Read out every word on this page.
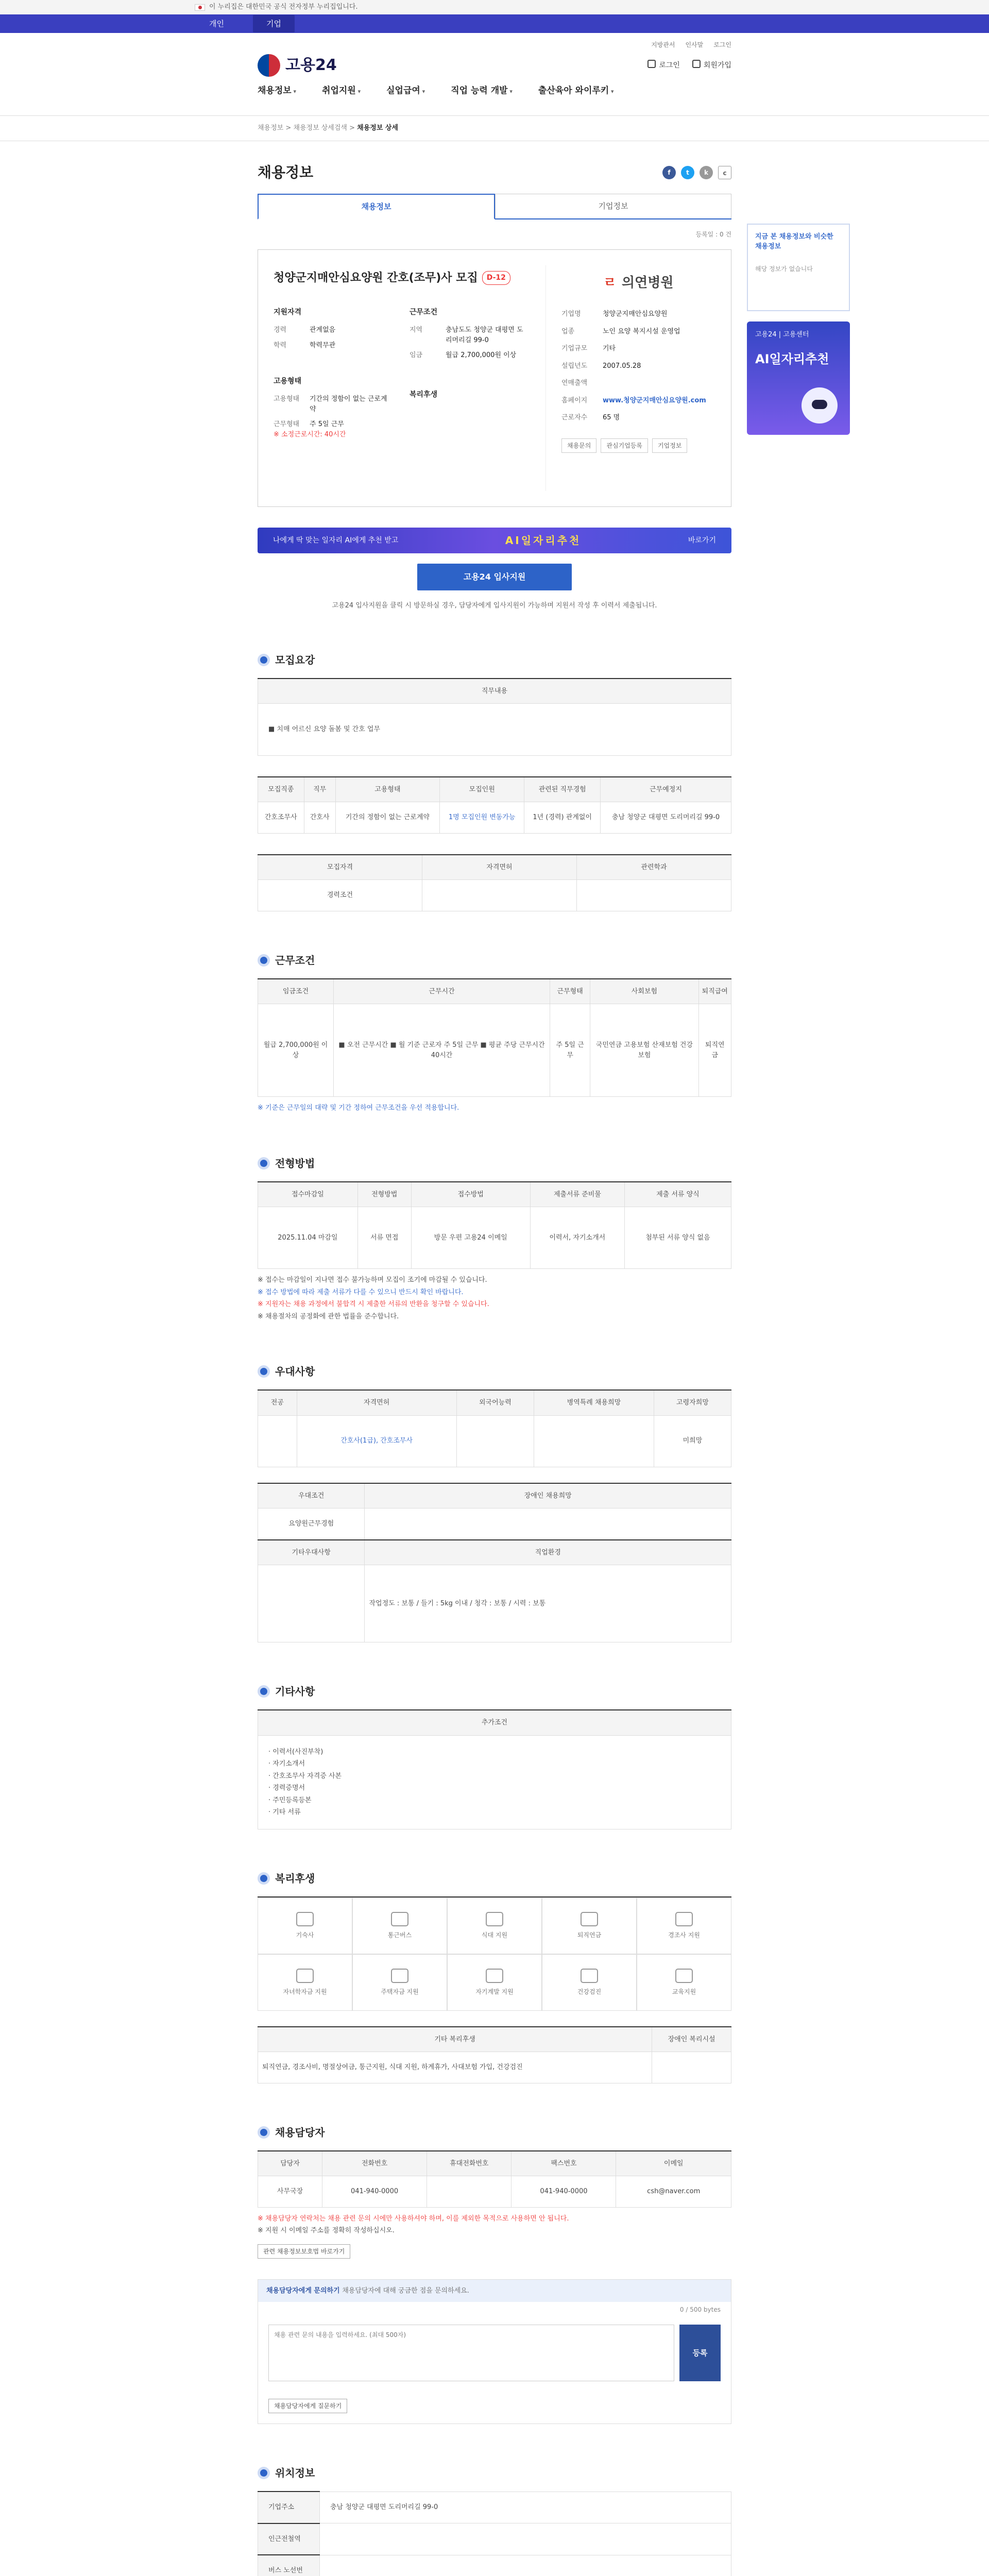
이 누리집은 대한민국 공식 전자정부 누리집입니다.
개인	기업
고용24
지방관서 인사말 로그인
로그인	회원가입
채용정보 ▾	취업지원 ▾	실업급여 ▾	직업 능력 개발 ▾	출산육아 와이루키 ▾
채용정보 > 채용정보 상세검색 > 채용정보 상세
채용정보	f	t	k	c
채용정보	기업정보
등록일 : 0 건
청양군지매안심요양원 간호(조무)사 모집 D-12
지원자격
경력	관계없음
학력	학력무관
고용형태
고용형태	기간의 정함이 없는 근로계약
근무형태	주 5일 근무
※ 소정근로시간: 40시간
근무조건
지역	충남도도 청양군 대평면 도리머리길 99-0
임금	월급 2,700,000원 이상
복리후생
ㄹ 의연병원
기업명	청양군지매안심요양원
업종	노인 요양 복지시설 운영업
기업규모	기타
설립년도	2007.05.28
연매출액
홈페이지	www.청양군지매안심요양원.com
근로자수	65 명
채용문의	관심기업등록	기업정보
나에게 딱 맞는 일자리 AI에게 추천 받고	AI일자리추천	바로가기
고용24 입사지원
고용24 입사지원을 클릭 시 방문하실 경우, 담당자에게 입사지원이 가능하며 지원서 작성 후 이력서 제출됩니다.
모집요강
직무내용
■ 치매 어르신 요양 돌봄 및 간호 업무
모집직종	직무	고용형태	모집인원	관련된 직무경험	근무예정지
간호조무사	간호사	기간의 정함이 없는 근로계약	1명 모집인원 변동가능	1년 (경력) 관계없이	충남 청양군 대평면 도리머리길 99-0
모집자격	자격면허	관련학과
경력조건		
근무조건
임금조건	근무시간	근무형태	사회보험	퇴직급여
월급 2,700,000원 이상	■ 오전 근무시간 ■ 월 기준 근로자 주 5일 근무 ■ 평균 주당 근무시간 40시간	주 5일 근무	국민연금 고용보험 산재보험 건강보험	퇴직연금
※ 기준은 근무일의 대략 및 기간 정하여 근무조건을 우선 적용합니다.
전형방법
접수마감일	전형방법	접수방법	제출서류 준비물	제출 서류 양식
2025.11.04 마감일	서류 면접	방문 우편 고용24 이메일	이력서, 자기소개서	첨부된 서류 양식 없음
※ 접수는 마감일이 지나면 접수 불가능하며 모집이 조기에 마감될 수 있습니다.
※ 접수 방법에 따라 제출 서류가 다를 수 있으니 반드시 확인 바랍니다.
※ 지원자는 채용 과정에서 불합격 시 제출한 서류의 반환을 청구할 수 있습니다.
※ 채용절차의 공정화에 관한 법률을 준수합니다.
우대사항
전공	자격면허	외국어능력	병역특례 채용희망	고령자희망
	간호사(1급), 간호조무사			미희망
우대조건	장애인 채용희망
요양원근무경험	
기타우대사항	직업환경
	작업정도 : 보통 / 들기 : 5kg 이내 / 청각 : 보통 / 시력 : 보통
기타사항
추가조건

· 이력서(사진부착)
· 자기소개서
· 간호조무사 자격증 사본
· 경력증명서
· 주민등록등본
· 기타 서류
복리후생
기숙사	통근버스	식대 지원	퇴직연금	경조사 지원
자녀학자금 지원	주택자금 지원	자기계발 지원	건강검진	교육지원
기타 복리후생	장애인 복리시설
퇴직연금, 경조사비, 명절상여금, 통근지원, 식대 지원, 하계휴가, 사대보험 가입, 건강검진	
채용담당자
담당자	전화번호	휴대전화번호	팩스번호	이메일
사무국장	041-940-0000		041-940-0000	csh@naver.com
※ 채용담당자 연락처는 채용 관련 문의 시에만 사용하셔야 하며, 이를 제외한 목적으로 사용하면 안 됩니다.
※ 지원 시 이메일 주소를 정확히 작성하십시오.
관련 채용정보보호법 바로가기
채용담당자에게 문의하기 채용담당자에 대해 궁금한 점을 문의하세요.
0 / 500 bytes
채용 관련 문의 내용을 입력하세요. (최대 500자)
등록
채용담당자에게 질문하기
위치정보
기업주소	충남 청양군 대평면 도리머리길 99-0
인근전철역	
버스 노선번	

지금 본 채용정보와 비슷한 채용정보
해당 정보가 없습니다
고용24 | 고용센터
AI일자리추천
